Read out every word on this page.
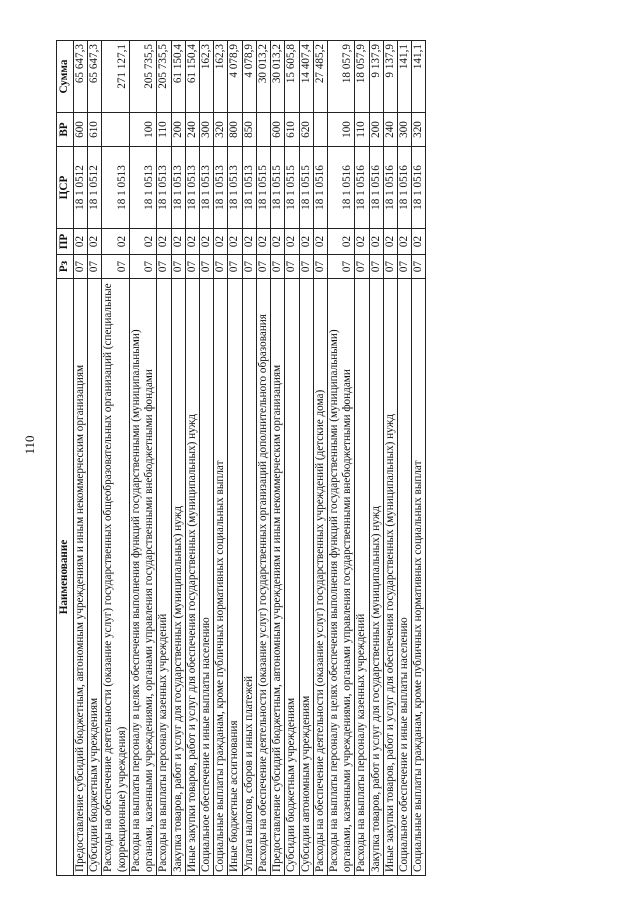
110
Наименование	Рз	ПР	ЦСР	ВР	Сумма
Предоставление субсидий бюджетным, автономным учреждениям и иным некоммерческим организациям	07	02	18 1 0512	600	65 647,3
Субсидии бюджетным учреждениям	07	02	18 1 0512	610	65 647,3
Расходы на обеспечение деятельности (оказание услуг) государственных общеобразовательных организаций (специальные (коррекционные) учреждения)	07	02	18 1 0513		271 127,1
Расходы на выплаты персоналу в целях обеспечения выполнения функций государственными (муниципальными) органами, казенными учреждениями, органами управления государственными внебюджетными фондами	07	02	18 1 0513	100	205 735,5
Расходы на выплаты персоналу казенных учреждений	07	02	18 1 0513	110	205 735,5
Закупка товаров, работ и услуг для государственных (муниципальных) нужд	07	02	18 1 0513	200	61 150,4
Иные закупки товаров, работ и услуг для обеспечения государственных (муниципальных) нужд	07	02	18 1 0513	240	61 150,4
Социальное обеспечение и иные выплаты населению	07	02	18 1 0513	300	162,3
Социальные выплаты гражданам, кроме публичных нормативных социальных выплат	07	02	18 1 0513	320	162,3
Иные бюджетные ассигнования	07	02	18 1 0513	800	4 078,9
Уплата налогов, сборов и иных платежей	07	02	18 1 0513	850	4 078,9
Расходы на обеспечение деятельности (оказание услуг) государственных организаций дополнительного образования	07	02	18 1 0515		30 013,2
Предоставление субсидий бюджетным, автономным учреждениям и иным некоммерческим организациям	07	02	18 1 0515	600	30 013,2
Субсидии бюджетным учреждениям	07	02	18 1 0515	610	15 605,8
Субсидии автономным учреждениям	07	02	18 1 0515	620	14 407,4
Расходы на обеспечение деятельности (оказание услуг) государственных учреждений (детские дома)	07	02	18 1 0516		27 485,2
Расходы на выплаты персоналу в целях обеспечения выполнения функций государственными (муниципальными) органами, казенными учреждениями, органами управления государственными внебюджетными фондами	07	02	18 1 0516	100	18 057,9
Расходы на выплаты персоналу казенных учреждений	07	02	18 1 0516	110	18 057,9
Закупка товаров, работ и услуг для государственных (муниципальных) нужд	07	02	18 1 0516	200	9 137,9
Иные закупки товаров, работ и услуг для обеспечения государственных (муниципальных) нужд	07	02	18 1 0516	240	9 137,9
Социальное обеспечение и иные выплаты населению	07	02	18 1 0516	300	141,1
Социальные выплаты гражданам, кроме публичных нормативных социальных выплат	07	02	18 1 0516	320	141,1
